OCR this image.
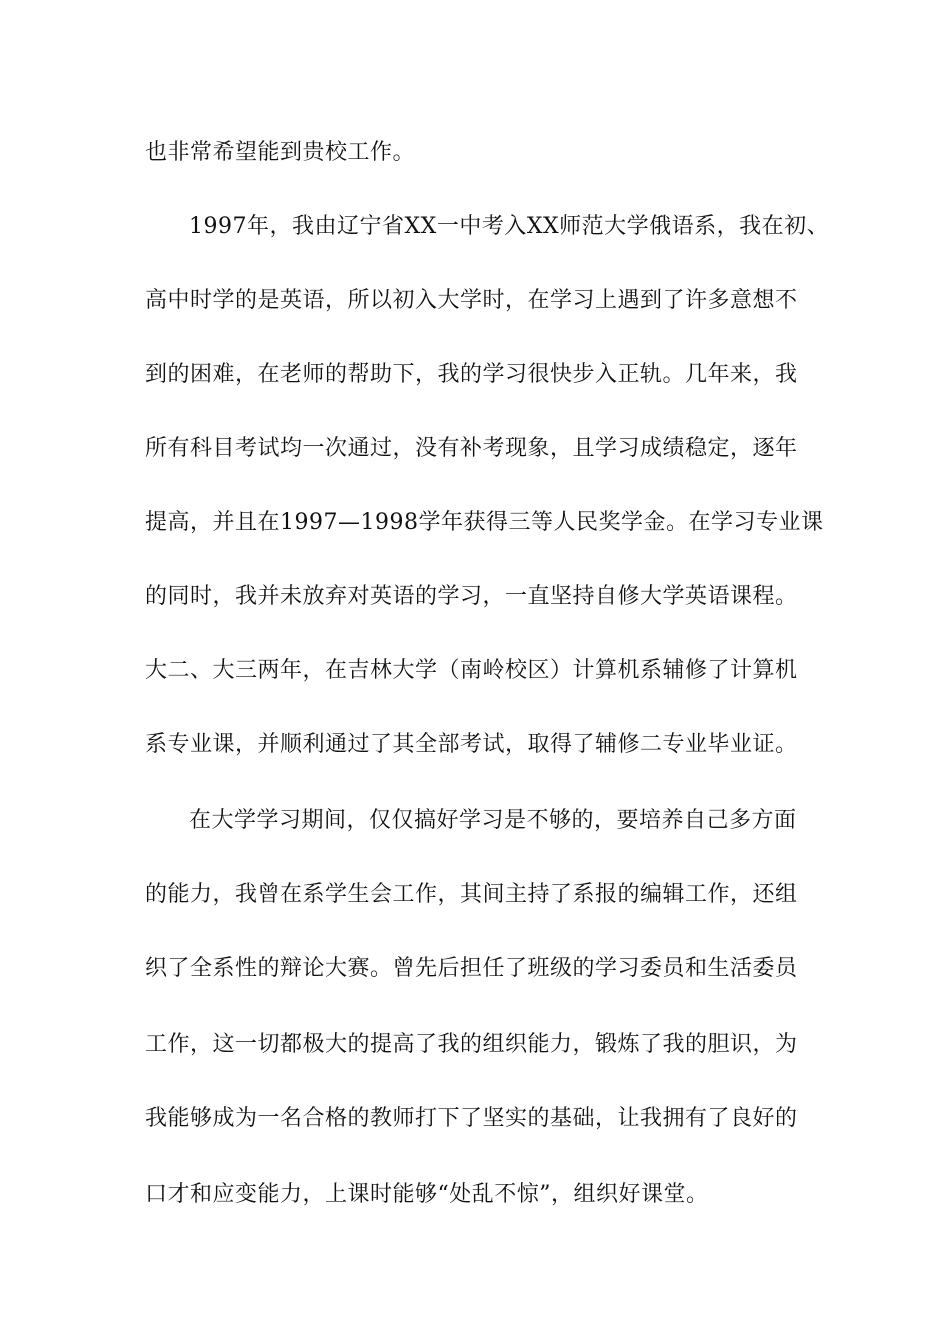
也非常希望能到贵校工作。
1997年，我由辽宁省XX一中考入XX师范大学俄语系，我在初、
高中时学的是英语，所以初入大学时，在学习上遇到了许多意想不
到的困难，在老师的帮助下，我的学习很快步入正轨。几年来，我
所有科目考试均一次通过，没有补考现象，且学习成绩稳定，逐年
提高，并且在1997—1998学年获得三等人民奖学金。在学习专业课
的同时，我并未放弃对英语的学习，一直坚持自修大学英语课程。
大二、大三两年，在吉林大学（南岭校区）计算机系辅修了计算机
系专业课，并顺利通过了其全部考试，取得了辅修二专业毕业证。
在大学学习期间，仅仅搞好学习是不够的，要培养自己多方面
的能力，我曾在系学生会工作，其间主持了系报的编辑工作，还组
织了全系性的辩论大赛。曾先后担任了班级的学习委员和生活委员
工作，这一切都极大的提高了我的组织能力，锻炼了我的胆识，为
我能够成为一名合格的教师打下了坚实的基础，让我拥有了良好的
口才和应变能力，上课时能够“处乱不惊”，组织好课堂。
